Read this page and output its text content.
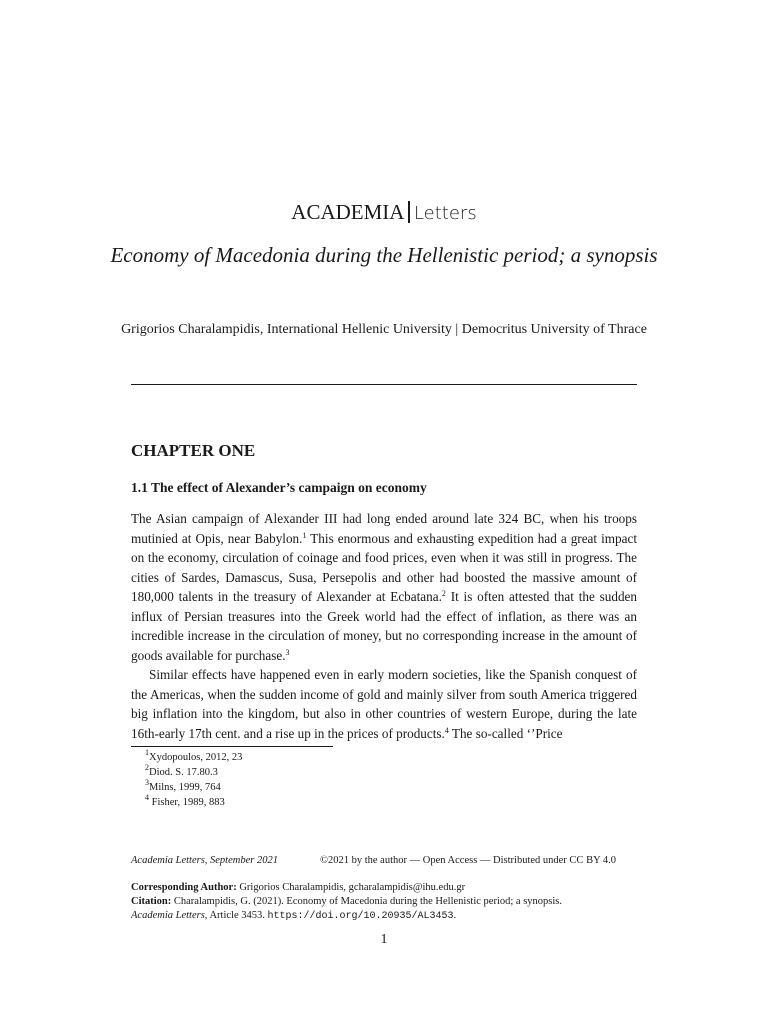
ACADEMIA Letters
Economy of Macedonia during the Hellenistic period; a synopsis
Grigorios Charalampidis, International Hellenic University | Democritus University of Thrace
CHAPTER ONE
1.1 The effect of Alexander’s campaign on economy

The Asian campaign of Alexander III had long ended around late 324 BC, when his troops mutinied at Opis, near Babylon.$^1$ This enormous and exhausting expedition had a great impact on the economy, circulation of coinage and food prices, even when it was still in progress. The cities of Sardes, Damascus, Susa, Persepolis and other had boosted the massive amount of 180,000 talents in the treasury of Alexander at Ecbatana.$^2$ It is often attested that the sudden influx of Persian treasures into the Greek world had the effect of inflation, as there was an incredible increase in the circulation of money, but no corresponding increase in the amount of goods available for purchase.$^3$

Similar effects have happened even in early modern societies, like the Spanish conquest of the Americas, when the sudden income of gold and mainly silver from south America triggered big inflation into the kingdom, but also in other countries of western Europe, during the late 16th-early 17th cent. and a rise up in the prices of products.$^4$ The so-called ‘’Price

$^1$Xydopoulos, 2012, 23
$^2$Diod. S. 17.80.3
$^3$Milns, 1999, 764
$^4$ Fisher, 1989, 883
Academia Letters, September 2021	©2021 by the author — Open Access — Distributed under CC BY 4.0
Corresponding Author: Grigorios Charalampidis, gcharalampidis@ihu.edu.gr
Citation: Charalampidis, G. (2021). Economy of Macedonia during the Hellenistic period; a synopsis.
Academia Letters, Article 3453. https://doi.org/10.20935/AL3453.
1
